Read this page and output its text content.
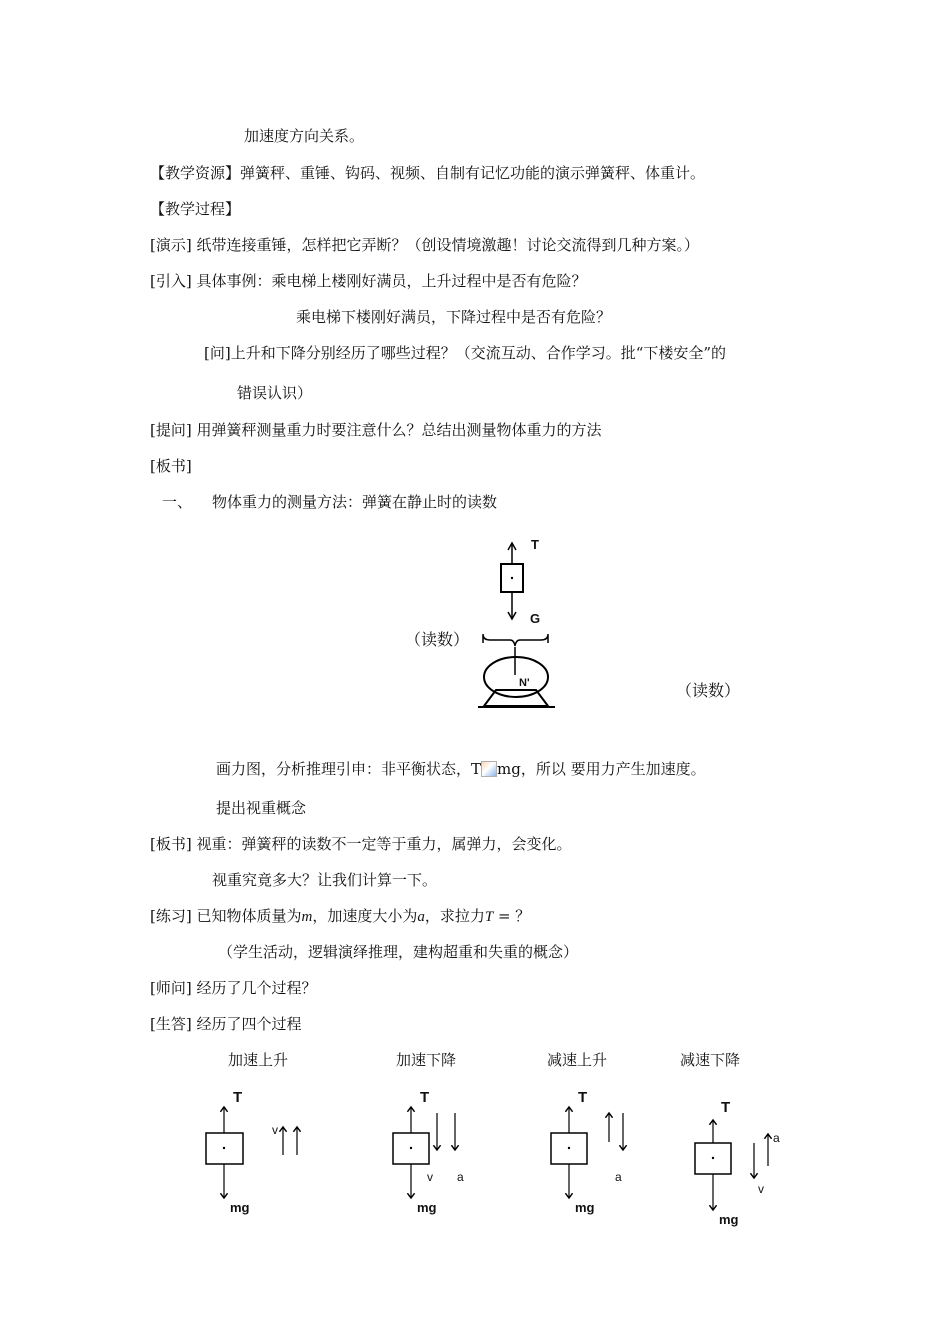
加速度方向关系。
【教学资源】弹簧秤、重锤、钩码、视频、自制有记忆功能的演示弹簧秤、体重计。
【教学过程】
[演示] 纸带连接重锤，怎样把它弄断？（创设情境激趣！讨论交流得到几种方案。）
[引入] 具体事例：乘电梯上楼刚好满员，上升过程中是否有危险？
乘电梯下楼刚好满员，下降过程中是否有危险？
[问]上升和下降分别经历了哪些过程？（交流互动、合作学习。批“下楼安全”的
错误认识）
[提问] 用弹簧秤测量重力时要注意什么？总结出测量物体重力的方法
[板书]
一、 物体重力的测量方法：弹簧在静止时的读数
T
G
N'
（读数）
（读数）
画力图，分析推理引申：非平衡状态，T mg，所以 要用力产生加速度。
提出视重概念
[板书] 视重：弹簧秤的读数不一定等于重力，属弹力，会变化。
视重究竟多大？让我们计算一下。
[练习] 已知物体质量为m，加速度大小为a，求拉力T = ？
（学生活动，逻辑演绎推理，建构超重和失重的概念）
[师问] 经历了几个过程？
[生答] 经历了四个过程
加速上升	加速下降	减速上升	减速下降
T
mg
v
T
mg
v a
T
mg
a
T
mg
v
a
